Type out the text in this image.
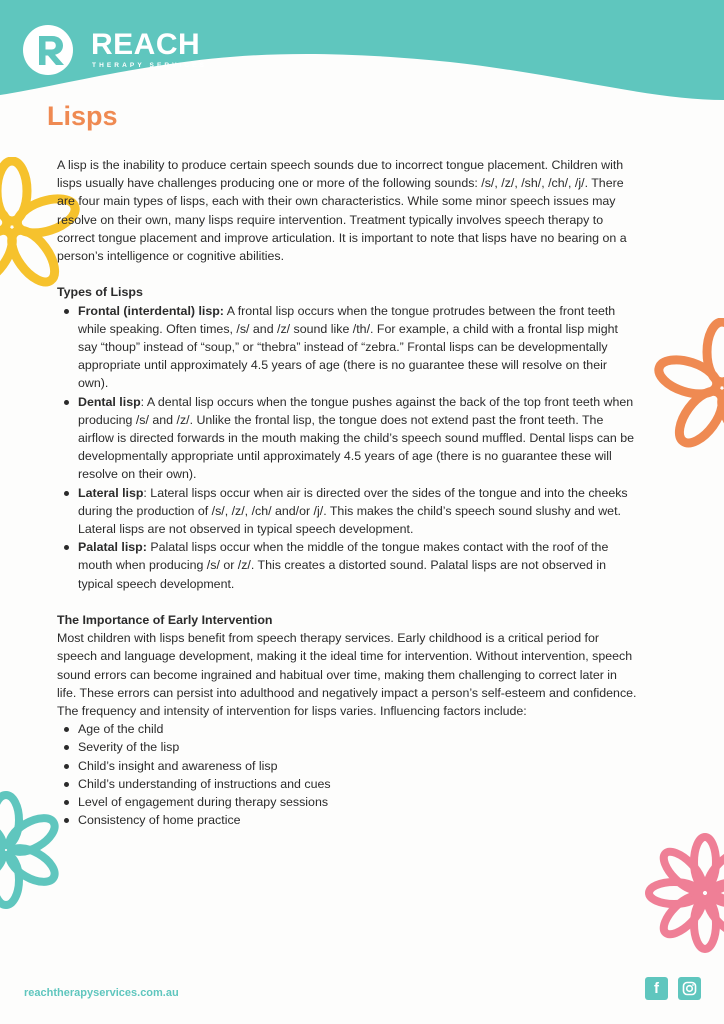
REACH
THERAPY SERVICES
Lisps

A lisp is the inability to produce certain speech sounds due to incorrect tongue placement. Children with lisps usually have challenges producing one or more of the following sounds: /s/, /z/, /sh/, /ch/, /j/. There are four main types of lisps, each with their own characteristics. While some minor speech issues may resolve on their own, many lisps require intervention. Treatment typically involves speech therapy to correct tongue placement and improve articulation. It is important to note that lisps have no bearing on a person’s intelligence or cognitive abilities.

Types of Lisps

Frontal (interdental) lisp: A frontal lisp occurs when the tongue protrudes between the front teeth while speaking. Often times, /s/ and /z/ sound like /th/. For example, a child with a frontal lisp might say “thoup” instead of “soup,” or “thebra” instead of “zebra.” Frontal lisps can be developmentally appropriate until approximately 4.5 years of age (there is no guarantee these will resolve on their own).

Dental lisp: A dental lisp occurs when the tongue pushes against the back of the top front teeth when producing /s/ and /z/. Unlike the frontal lisp, the tongue does not extend past the front teeth. The airflow is directed forwards in the mouth making the child’s speech sound muffled. Dental lisps can be developmentally appropriate until approximately 4.5 years of age (there is no guarantee these will resolve on their own).

Lateral lisp: Lateral lisps occur when air is directed over the sides of the tongue and into the cheeks during the production of /s/, /z/, /ch/ and/or /j/. This makes the child’s speech sound slushy and wet. Lateral lisps are not observed in typical speech development.

Palatal lisp: Palatal lisps occur when the middle of the tongue makes contact with the roof of the mouth when producing /s/ or /z/. This creates a distorted sound. Palatal lisps are not observed in typical speech development.

The Importance of Early Intervention

Most children with lisps benefit from speech therapy services. Early childhood is a critical period for speech and language development, making it the ideal time for intervention. Without intervention, speech sound errors can become ingrained and habitual over time, making them challenging to correct later in life. These errors can persist into adulthood and negatively impact a person’s self-esteem and confidence.

The frequency and intensity of intervention for lisps varies. Influencing factors include:

Age of the child

Severity of the lisp

Child’s insight and awareness of lisp

Child’s understanding of instructions and cues

Level of engagement during therapy sessions

Consistency of home practice

reachtherapyservices.com.au	f
